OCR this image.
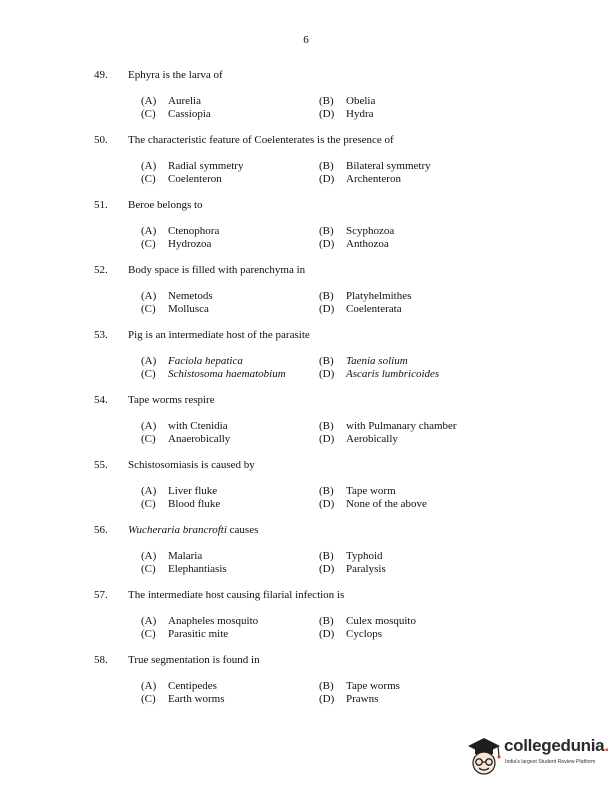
6
49. Ephyra is the larva of
(A) Aurelia	(B) Obelia
(C) Cassiopia	(D) Hydra
50. The characteristic feature of Coelenterates is the presence of
(A) Radial symmetry	(B) Bilateral symmetry
(C) Coelenteron	(D) Archenteron
51. Beroe belongs to
(A) Ctenophora	(B) Scyphozoa
(C) Hydrozoa	(D) Anthozoa
52. Body space is filled with parenchyma in
(A) Nemetods	(B) Platyhelmithes
(C) Mollusca	(D) Coelenterata
53. Pig is an intermediate host of the parasite
(A) Faciola hepatica	(B) Taenia solium
(C) Schistosoma haematobium	(D) Ascaris lumbricoides
54. Tape worms respire
(A) with Ctenidia	(B) with Pulmanary chamber
(C) Anaerobically	(D) Aerobically
55. Schistosomiasis is caused by
(A) Liver fluke	(B) Tape worm
(C) Blood fluke	(D) None of the above
56. Wucheraria brancrofti causes
(A) Malaria	(B) Typhoid
(C) Elephantiasis	(D) Paralysis
57. The intermediate host causing filarial infection is
(A) Anapheles mosquito	(B) Culex mosquito
(C) Parasitic mite	(D) Cyclops
58. True segmentation is found in
(A) Centipedes	(B) Tape worms
(C) Earth worms	(D) Prawns
collegedunia.
India's largest Student Review Platform
